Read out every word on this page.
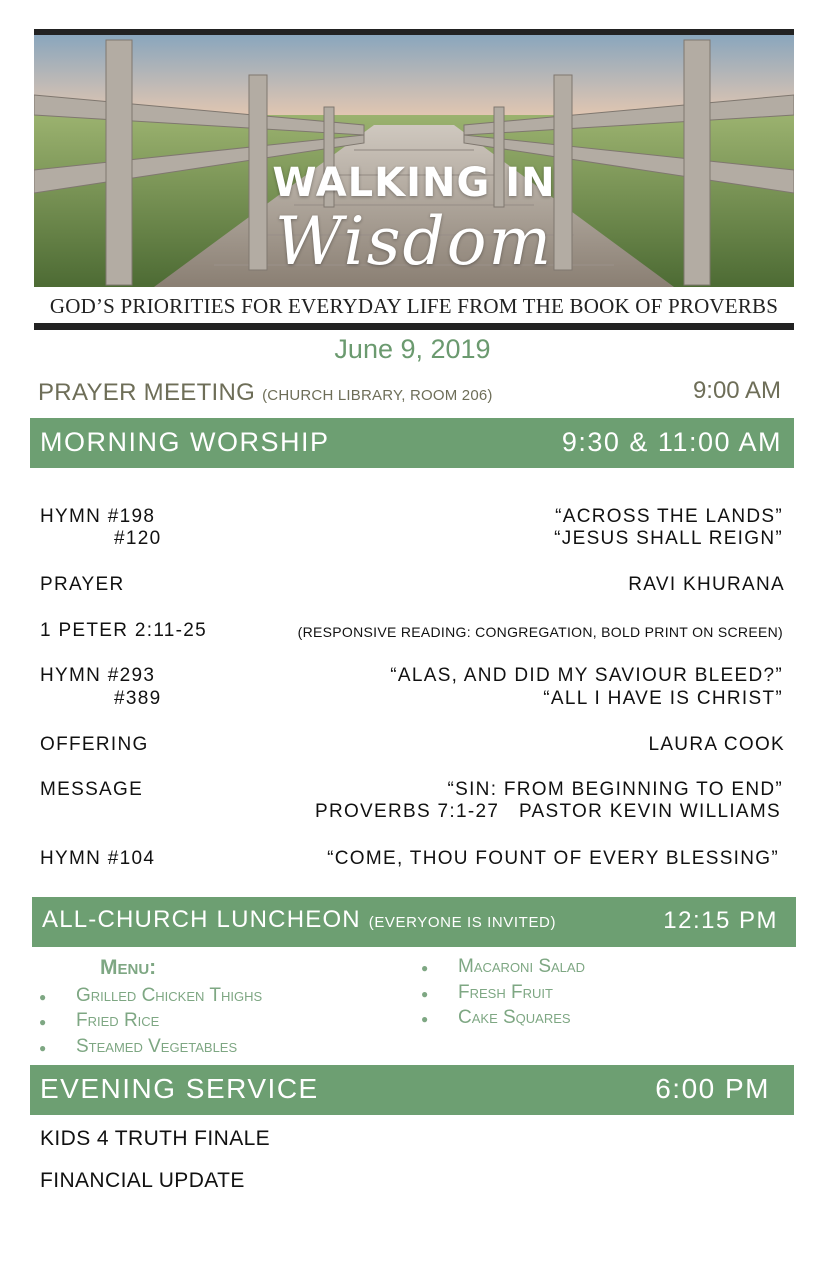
WALKING IN
Wisdom
GOD’S PRIORITIES FOR EVERYDAY LIFE FROM THE BOOK OF PROVERBS
June 9, 2019
PRAYER MEETING (CHURCH LIBRARY, ROOM 206)	9:00 AM
MORNING WORSHIP	9:30 & 11:00 AM
HYMN #198	“ACROSS THE LANDS”
#120	“JESUS SHALL REIGN”
PRAYER	RAVI KHURANA
1 PETER 2:11-25	(RESPONSIVE READING: CONGREGATION, BOLD PRINT ON SCREEN)
HYMN #293	“ALAS, AND DID MY SAVIOUR BLEED?”
#389	“ALL I HAVE IS CHRIST”
OFFERING	LAURA COOK
MESSAGE	“SIN: FROM BEGINNING TO END”
PROVERBS 7:1-27   PASTOR KEVIN WILLIAMS
HYMN #104	“COME, THOU FOUNT OF EVERY BLESSING”
ALL-CHURCH LUNCHEON (EVERYONE IS INVITED)	12:15 PM
Menu:
● Grilled Chicken Thighs
● Fried Rice
● Steamed Vegetables
● Macaroni Salad
● Fresh Fruit
● Cake Squares
EVENING SERVICE	6:00 PM
KIDS 4 TRUTH FINALE
FINANCIAL UPDATE
